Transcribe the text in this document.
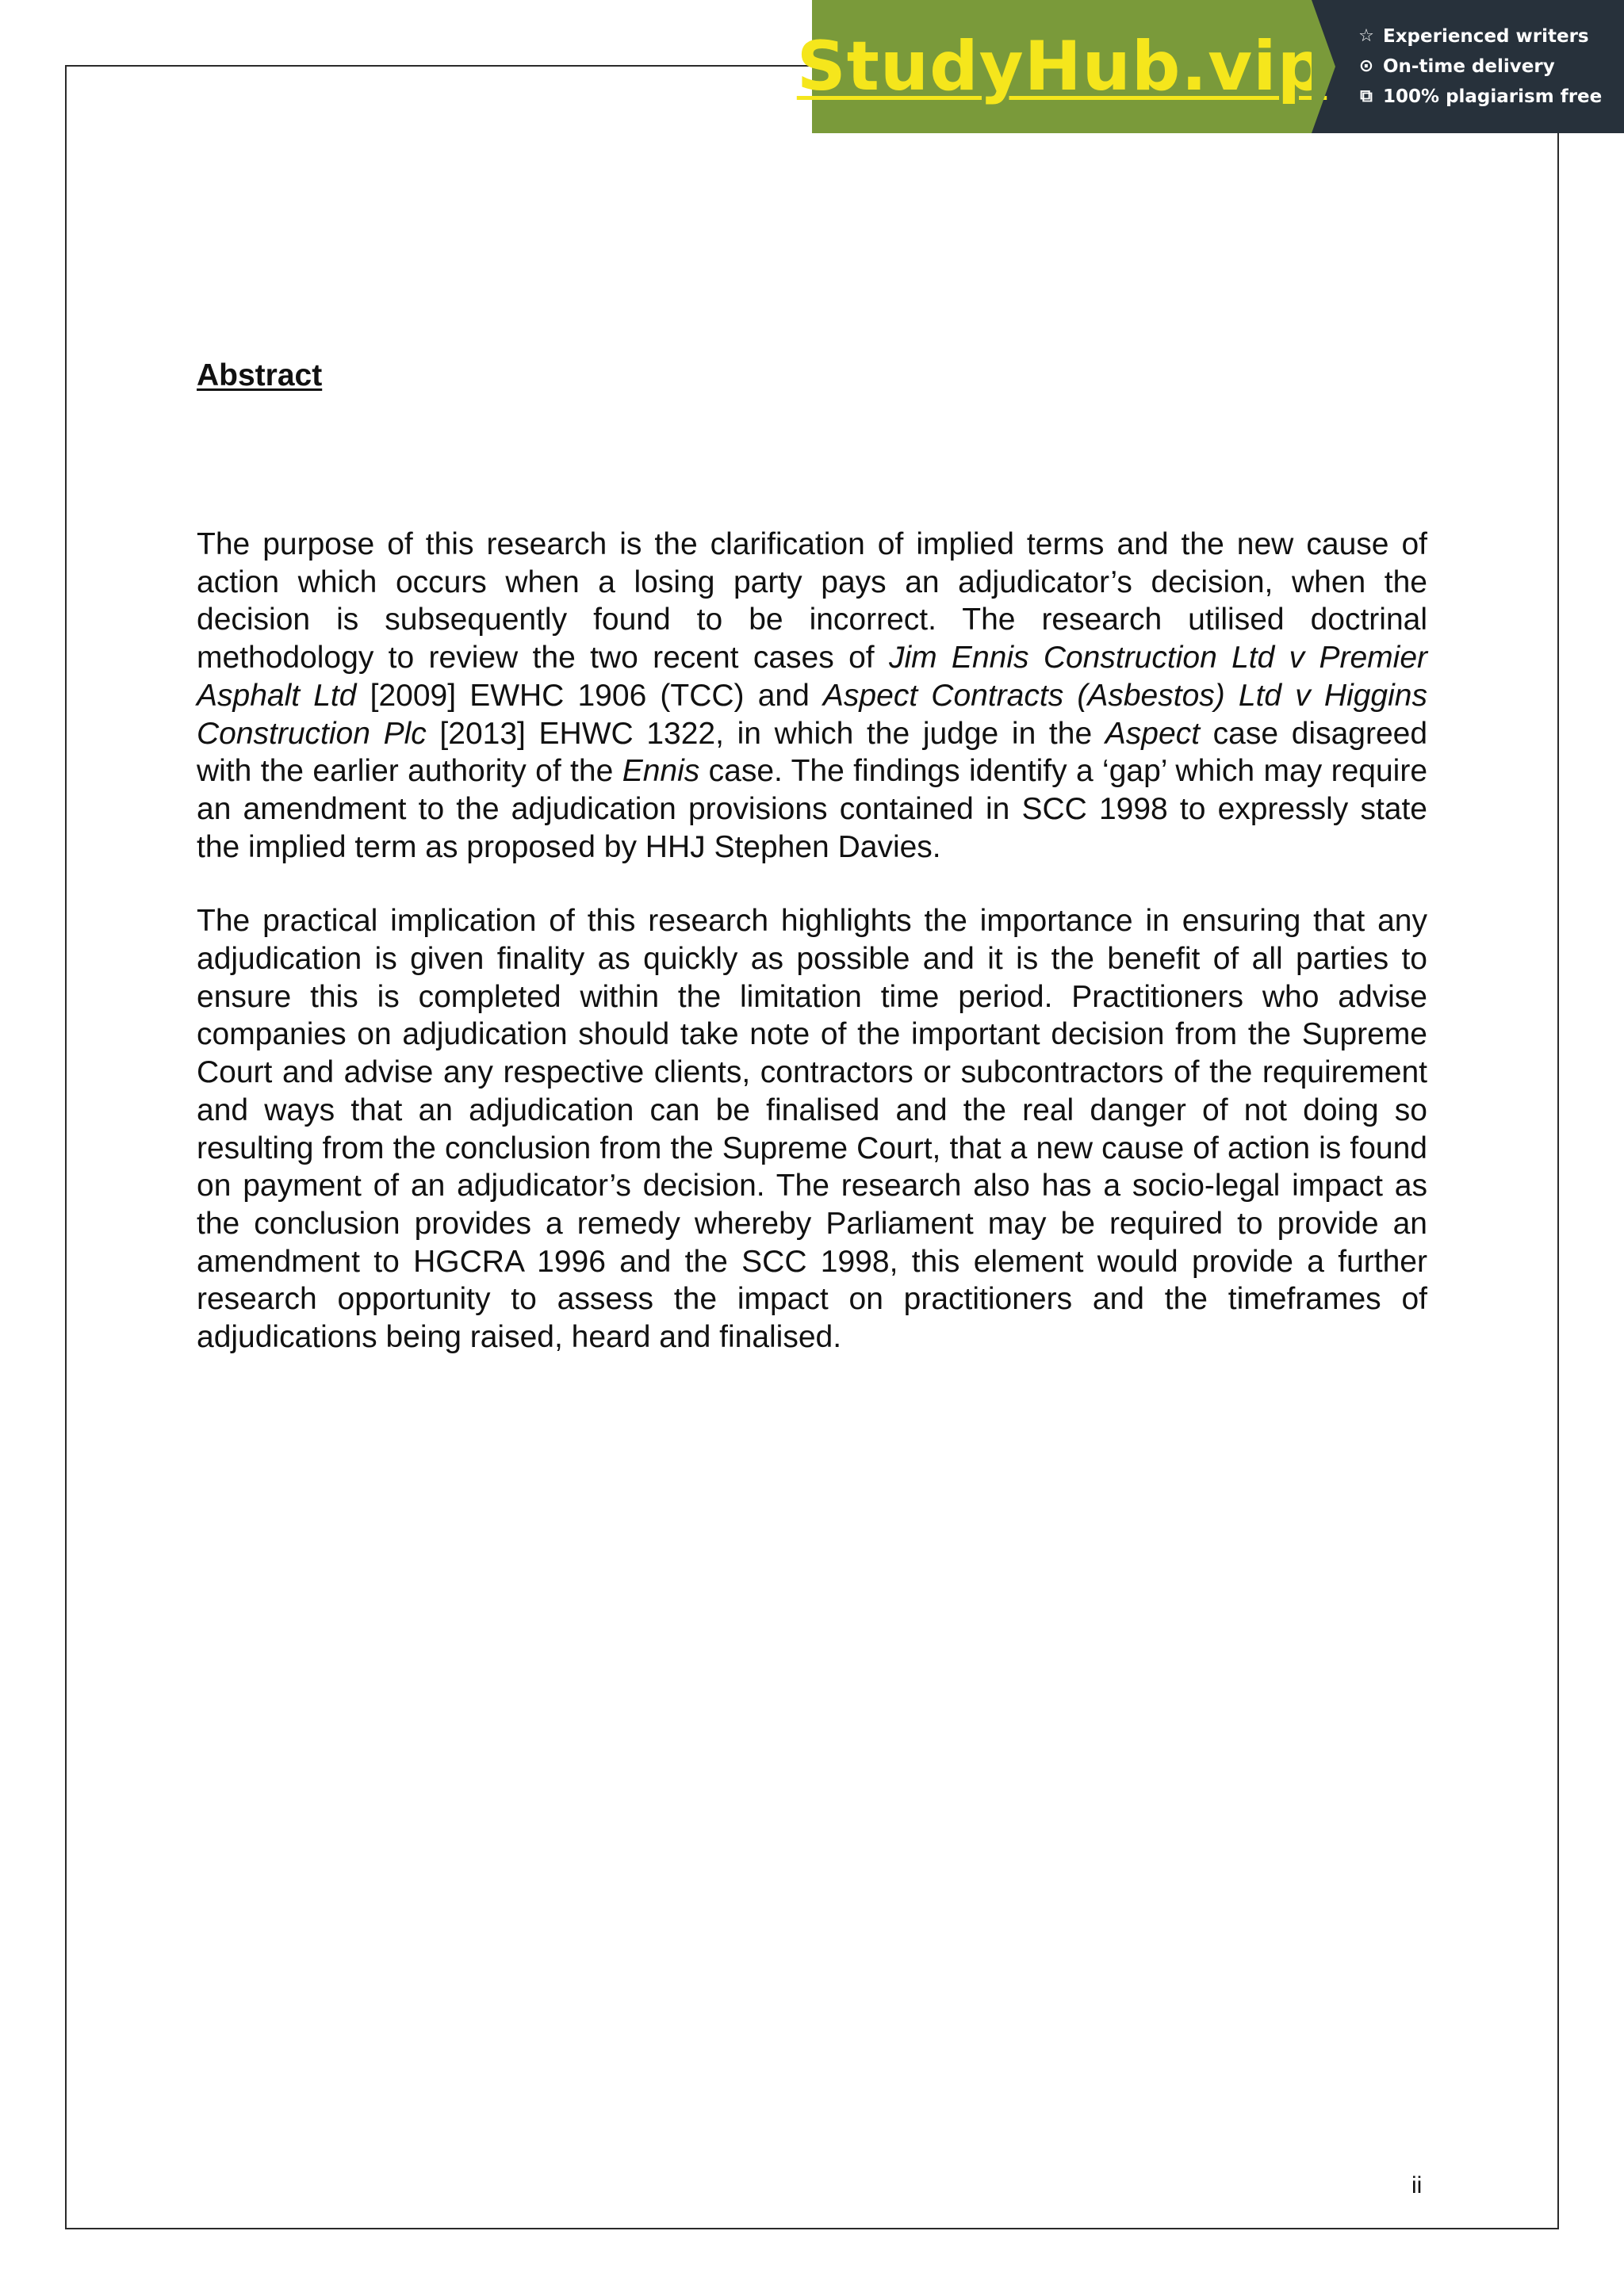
StudyHub.vip ☆ Experienced writers
⊙ On-time delivery
⧉ 100% plagiarism free
Abstract

The purpose of this research is the clarification of implied terms and the new cause of action which occurs when a losing party pays an adjudicator’s decision, when the decision is subsequently found to be incorrect. The research utilised doctrinal methodology to review the two recent cases of Jim Ennis Construction Ltd v Premier Asphalt Ltd [2009] EWHC 1906 (TCC) and Aspect Contracts (Asbestos) Ltd v Higgins Construction Plc [2013] EHWC 1322, in which the judge in the Aspect case disagreed with the earlier authority of the Ennis case. The findings identify a ‘gap’ which may require an amendment to the adjudication provisions contained in SCC 1998 to expressly state the implied term as proposed by HHJ Stephen Davies.

The practical implication of this research highlights the importance in ensuring that any adjudication is given finality as quickly as possible and it is the benefit of all parties to ensure this is completed within the limitation time period. Practitioners who advise companies on adjudication should take note of the important decision from the Supreme Court and advise any respective clients, contractors or subcontractors of the requirement and ways that an adjudication can be finalised and the real danger of not doing so resulting from the conclusion from the Supreme Court, that a new cause of action is found on payment of an adjudicator’s decision. The research also has a socio-legal impact as the conclusion provides a remedy whereby Parliament may be required to provide an amendment to HGCRA 1996 and the SCC 1998, this element would provide a further research opportunity to assess the impact on practitioners and the timeframes of adjudications being raised, heard and finalised.

ii
